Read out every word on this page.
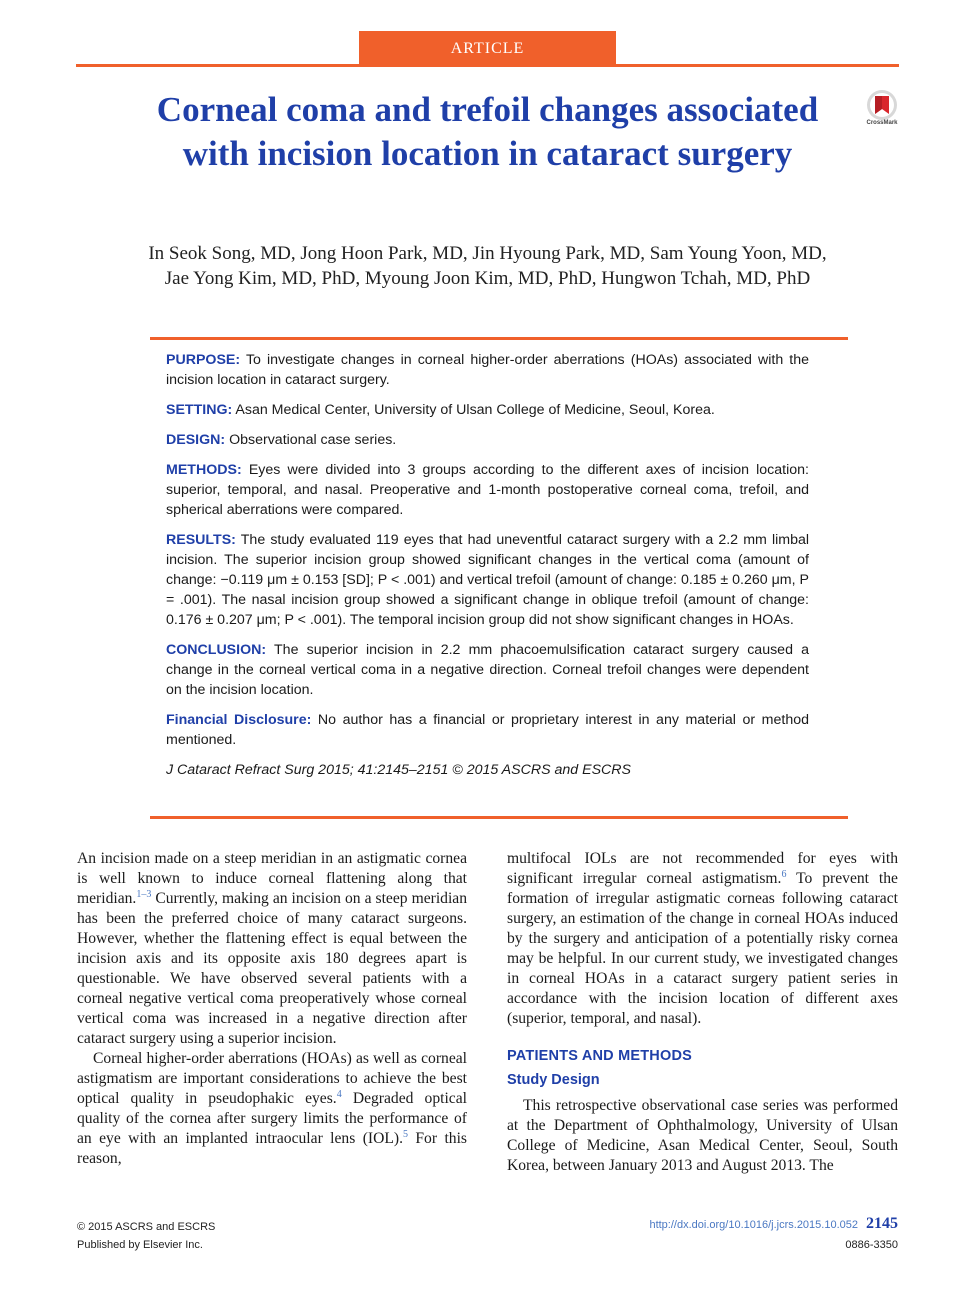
ARTICLE
Corneal coma and trefoil changes associated with incision location in cataract surgery
CrossMark
In Seok Song, MD, Jong Hoon Park, MD, Jin Hyoung Park, MD, Sam Young Yoon, MD,
Jae Yong Kim, MD, PhD, Myoung Joon Kim, MD, PhD, Hungwon Tchah, MD, PhD

PURPOSE: To investigate changes in corneal higher-order aberrations (HOAs) associated with the incision location in cataract surgery.

SETTING: Asan Medical Center, University of Ulsan College of Medicine, Seoul, Korea.

DESIGN: Observational case series.

METHODS: Eyes were divided into 3 groups according to the different axes of incision location: superior, temporal, and nasal. Preoperative and 1-month postoperative corneal coma, trefoil, and spherical aberrations were compared.

RESULTS: The study evaluated 119 eyes that had uneventful cataract surgery with a 2.2 mm limbal incision. The superior incision group showed significant changes in the vertical coma (amount of change: −0.119 μm ± 0.153 [SD]; P < .001) and vertical trefoil (amount of change: 0.185 ± 0.260 μm, P = .001). The nasal incision group showed a significant change in oblique trefoil (amount of change: 0.176 ± 0.207 μm; P < .001). The temporal incision group did not show significant changes in HOAs.

CONCLUSION: The superior incision in 2.2 mm phacoemulsification cataract surgery caused a change in the corneal vertical coma in a negative direction. Corneal trefoil changes were dependent on the incision location.

Financial Disclosure: No author has a financial or proprietary interest in any material or method mentioned.

J Cataract Refract Surg 2015; 41:2145–2151 © 2015 ASCRS and ESCRS

An incision made on a steep meridian in an astigmatic cornea is well known to induce corneal flattening along that meridian.$^{1-3}$ Currently, making an incision on a steep meridian has been the preferred choice of many cataract surgeons. However, whether the flattening effect is equal between the incision axis and its opposite axis 180 degrees apart is questionable. We have observed several patients with a corneal negative vertical coma preoperatively whose corneal vertical coma was increased in a negative direction after cataract surgery using a superior incision.

Corneal higher-order aberrations (HOAs) as well as corneal astigmatism are important considerations to achieve the best optical quality in pseudophakic eyes.$^4$ Degraded optical quality of the cornea after surgery limits the performance of an eye with an implanted intraocular lens (IOL).$^5$ For this reason,

multifocal IOLs are not recommended for eyes with significant irregular corneal astigmatism.$^6$ To prevent the formation of irregular astigmatic corneas following cataract surgery, an estimation of the change in corneal HOAs induced by the surgery and anticipation of a potentially risky cornea may be helpful. In our current study, we investigated changes in corneal HOAs in a cataract surgery patient series in accordance with the incision location of different axes (superior, temporal, and nasal).

PATIENTS AND METHODS
Study Design

This retrospective observational case series was performed at the Department of Ophthalmology, University of Ulsan College of Medicine, Asan Medical Center, Seoul, South Korea, between January 2013 and August 2013. The

© 2015 ASCRS and ESCRS
Published by Elsevier Inc.
http://dx.doi.org/10.1016/j.jcrs.2015.10.052 2145
0886-3350
